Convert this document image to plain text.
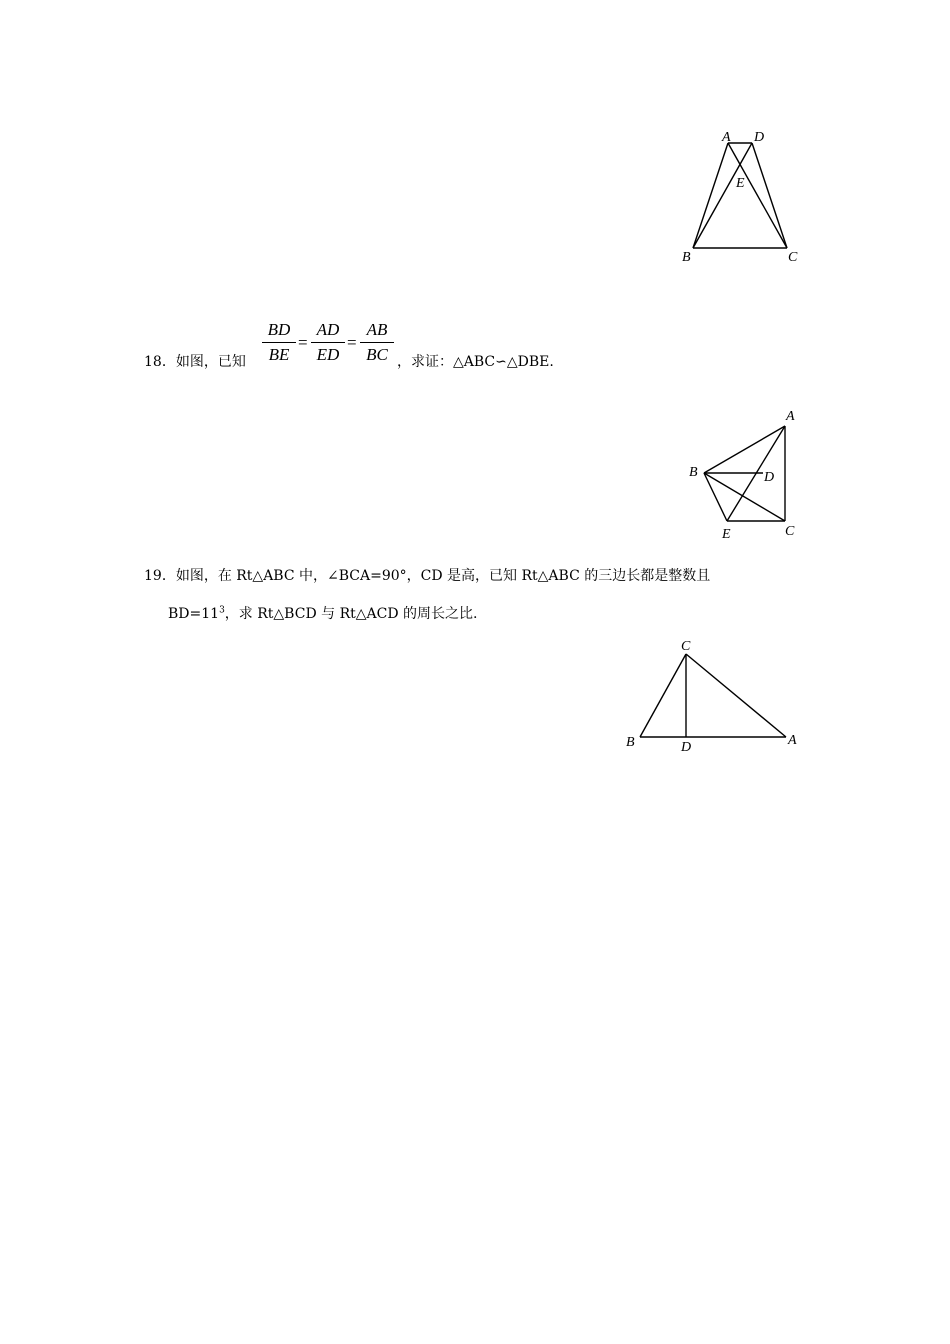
A D
E
B	C
18．如图，已知
BD
BE
=
AD
ED
=
AB
BC ，求证：△ABC∽△DBE.
A
B	D
E	C
19．如图，在 Rt△ABC 中，∠BCA=90°，CD 是高，已知 Rt△ABC 的三边长都是整数且
$BD=11^3$，求 Rt△BCD 与 Rt△ACD 的周长之比.
C
B	D	A
